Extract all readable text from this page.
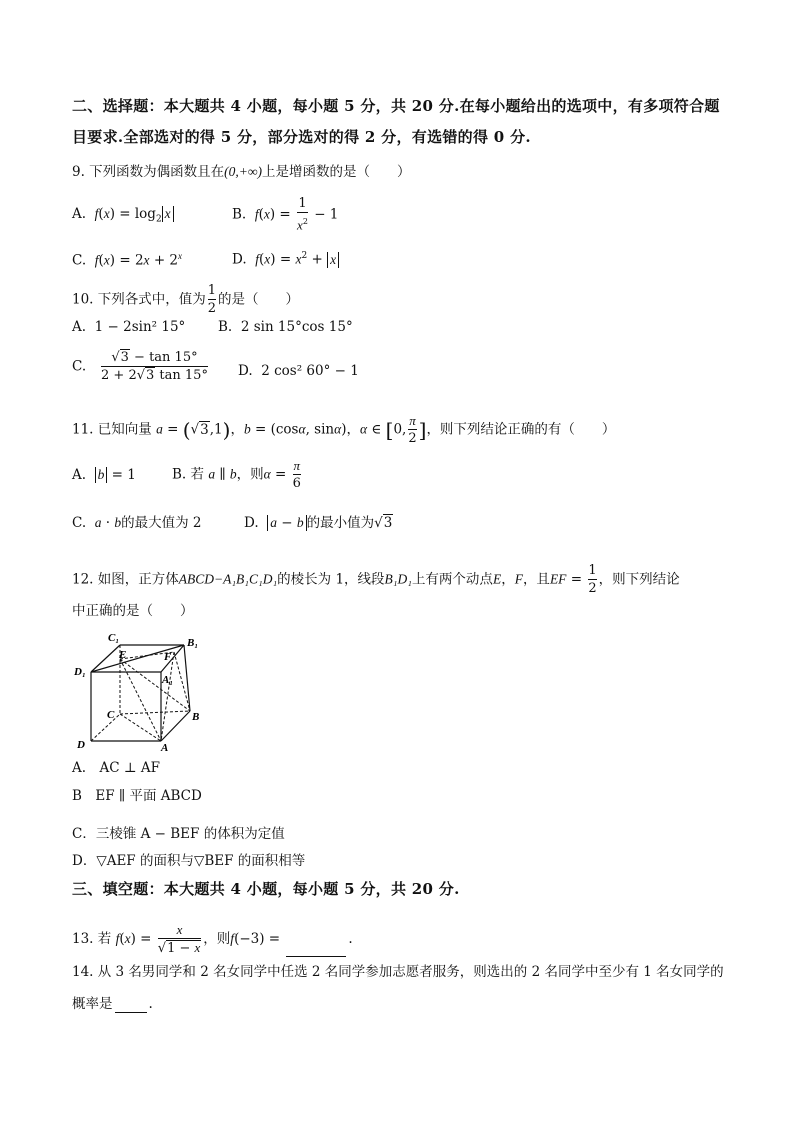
二、选择题：本大题共 4 小题，每小题 5 分，共 20 分.在每小题给出的选项中，有多项符合题
目要求.全部选对的得 5 分，部分选对的得 2 分，有选错的得 0 分.
9. 下列函数为偶函数且在(0,+∞)上是增函数的是（　　）
A. $f(x) = \log_2 x$	B. $f(x) = \frac{1}{x^2} - 1$
C. $f(x) = 2x + 2^x$	D. $f(x) = x^2 + x$
10. 下列各式中，值为 $\frac{1}{2}$ 的是（　　）
A. 1 − 2sin² 15° B. 2 sin 15°cos 15°
C. $\frac{√3 - \tan 15^\circ}{2 + 2√3 \tan 15^\circ} D$. 2 cos² 60° − 1
11. 已知向量 a = (√3,1)，b = (cosα, sinα)，α ∈ [0, $\frac{\pi}{2}$ ]，则下列结论正确的有（　　）
A. b = 1	B. 若 a ∥ b，则$\alpha = \frac{\pi}{6}$
C. a · b的最大值为 2	D. a − b 的最小值为√3
12. 如图，正方体ABCD−A₁B₁C₁D₁的棱长为 1，线段B₁D₁上有两个动点E，F，且EF = $\frac{1}{2}$ ，则下列结论
中正确的是（　　）
C₁	B₁
D₁
A₁
E	F
C	B
D	A
A.　AC ⊥ AF
B　EF ∥ 平面 ABCD
C．三棱锥 A − BEF 的体积为定值
D．▽AEF 的面积与▽BEF 的面积相等
三、填空题：本大题共 4 小题，每小题 5 分，共 20 分.
13. 若 $f(x) = \frac{x}{√1 - x}$ ，则f(−3) =	.
14. 从 3 名男同学和 2 名女同学中任选 2 名同学参加志愿者服务，则选出的 2 名同学中至少有 1 名女同学的
概率是	.
